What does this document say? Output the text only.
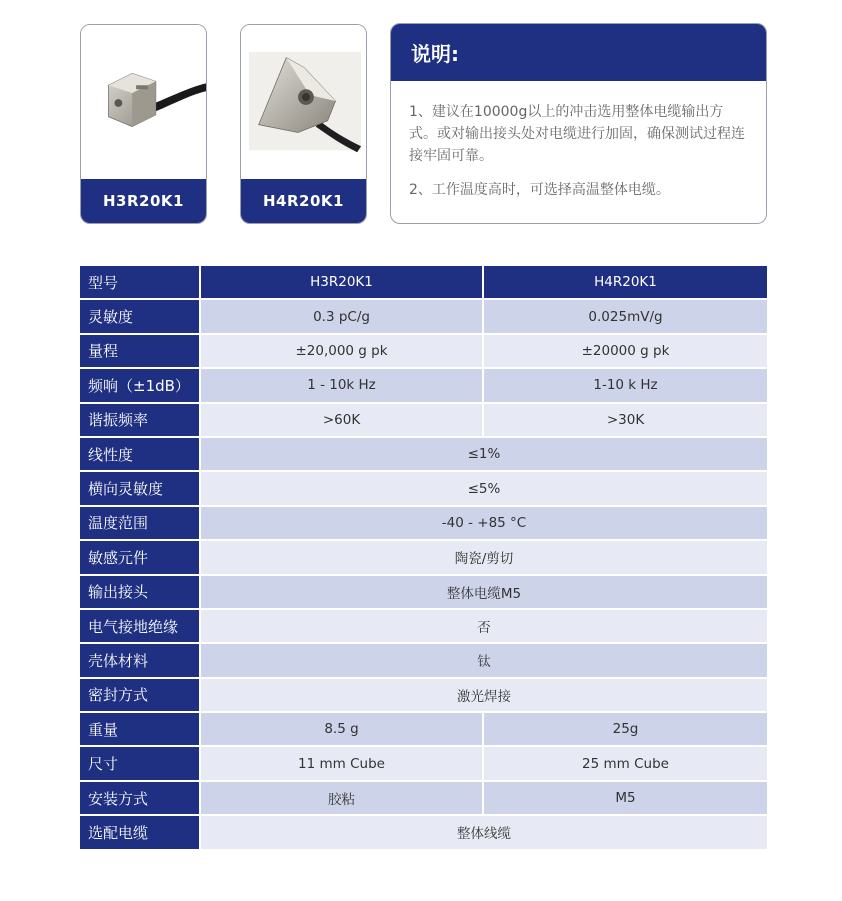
H3R20K1	H4R20K1
说明:

1、建议在10000g以上的冲击选用整体电缆输出方式。或对输出接头处对电缆进行加固，确保测试过程连接牢固可靠。

2、工作温度高时，可选择高温整体电缆。

型号	H3R20K1	H4R20K1
灵敏度	0.3 pC/g	0.025mV/g
量程	±20,000 g pk	±20000 g pk
频响（±1dB）	1 - 10k Hz	1-10 k Hz
谐振频率	>60K	>30K
线性度	≤1%	
横向灵敏度	≤5%	
温度范围	-40 - +85 °C	
敏感元件	陶瓷/剪切	
输出接头	整体电缆M5	
电气接地绝缘	否	
壳体材料	钛	
密封方式	激光焊接	
重量	8.5 g	25g
尺寸	11 mm Cube	25 mm Cube
安装方式	胶粘	M5
选配电缆	整体线缆	
